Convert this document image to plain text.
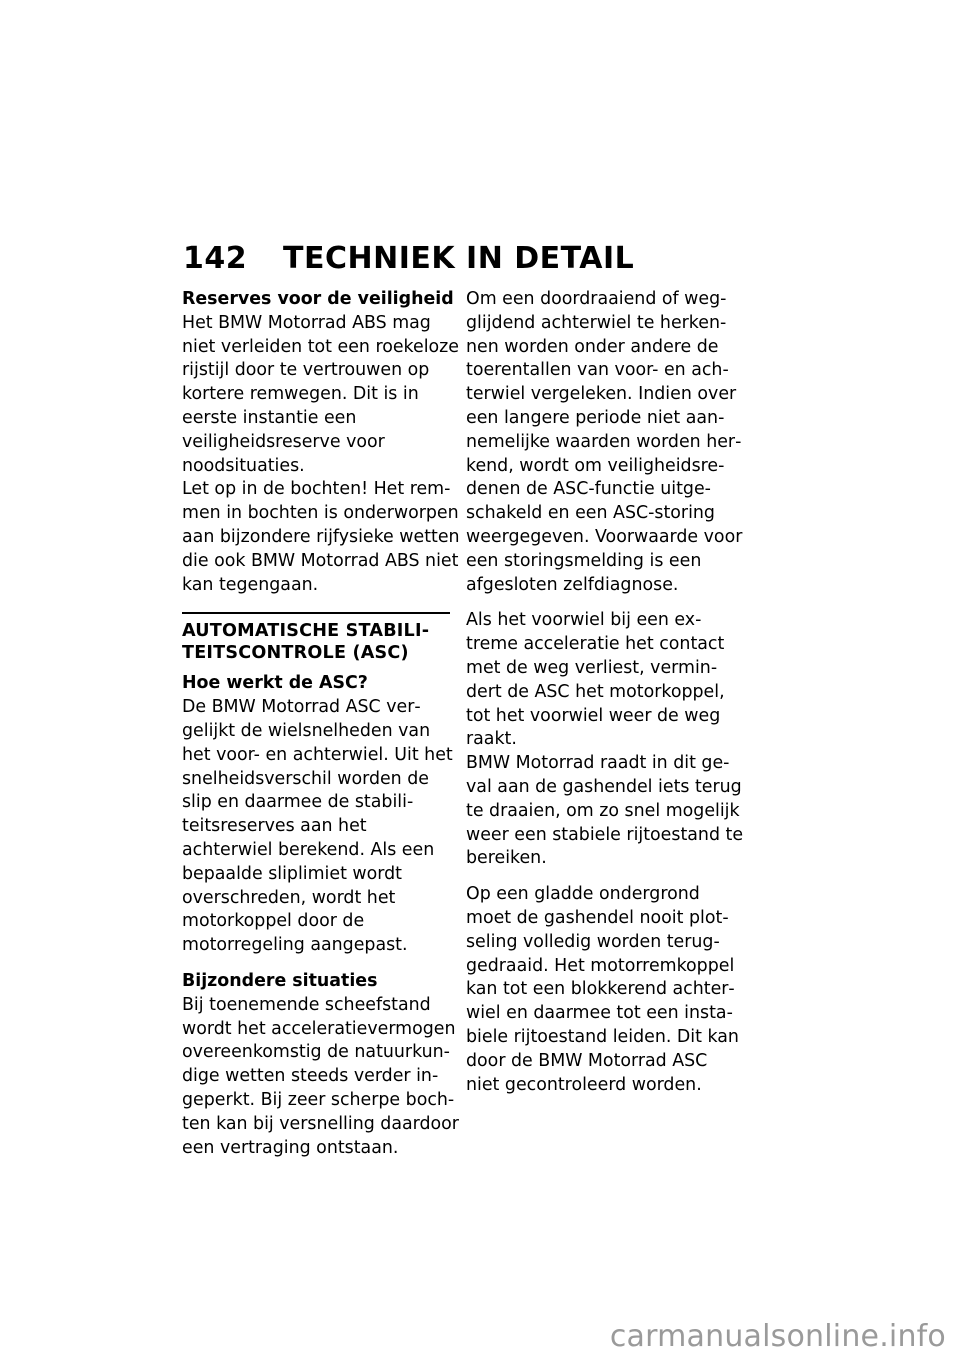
142	TECHNIEK IN DETAIL

Reserves voor de veiligheid

Het BMW Motorrad ABS mag niet verleiden tot een roekeloze rijstijl door te vertrouwen op kortere remwegen. Dit is in eerste instantie een veiligheidsreserve voor noodsituaties.

Let op in de bochten! Het remmen in bochten is onderworpen aan bijzondere rijfysieke wetten die ook BMW Motorrad ABS niet kan tegengaan.

AUTOMATISCHE STABILITEITSCONTROLE (ASC)

Hoe werkt de ASC?

De BMW Motorrad ASC vergelijkt de wielsnelheden van het voor- en achterwiel. Uit het snelheidsverschil worden de slip en daarmee de stabiliteitsreserves aan het achterwiel berekend. Als een bepaalde sliplimiet wordt overschreden, wordt het motorkoppel door de motorregeling aangepast.

Bijzondere situaties

Bij toenemende scheefstand wordt het acceleratievermogen overeenkomstig de natuurkundige wetten steeds verder ingeperkt. Bij zeer scherpe bochten kan bij versnelling daardoor een vertraging ontstaan.

Om een doordraaiend of wegglijdend achterwiel te herkennen worden onder andere de toerentallen van voor- en achterwiel vergeleken. Indien over een langere periode niet aannemelijke waarden worden herkend, wordt om veiligheidsredenen de ASC-functie uitgeschakeld en een ASC-storing weergegeven. Voorwaarde voor een storingsmelding is een afgesloten zelfdiagnose.

Als het voorwiel bij een extreme acceleratie het contact met de weg verliest, vermindert de ASC het motorkoppel, tot het voorwiel weer de weg raakt.

BMW Motorrad raadt in dit geval aan de gashendel iets terug te draaien, om zo snel mogelijk weer een stabiele rijtoestand te bereiken.

Op een gladde ondergrond moet de gashendel nooit plotseling volledig worden teruggedraaid. Het motorremkoppel kan tot een blokkerend achterwiel en daarmee tot een instabiele rijtoestand leiden. Dit kan door de BMW Motorrad ASC niet gecontroleerd worden.

carmanualsonline.info
